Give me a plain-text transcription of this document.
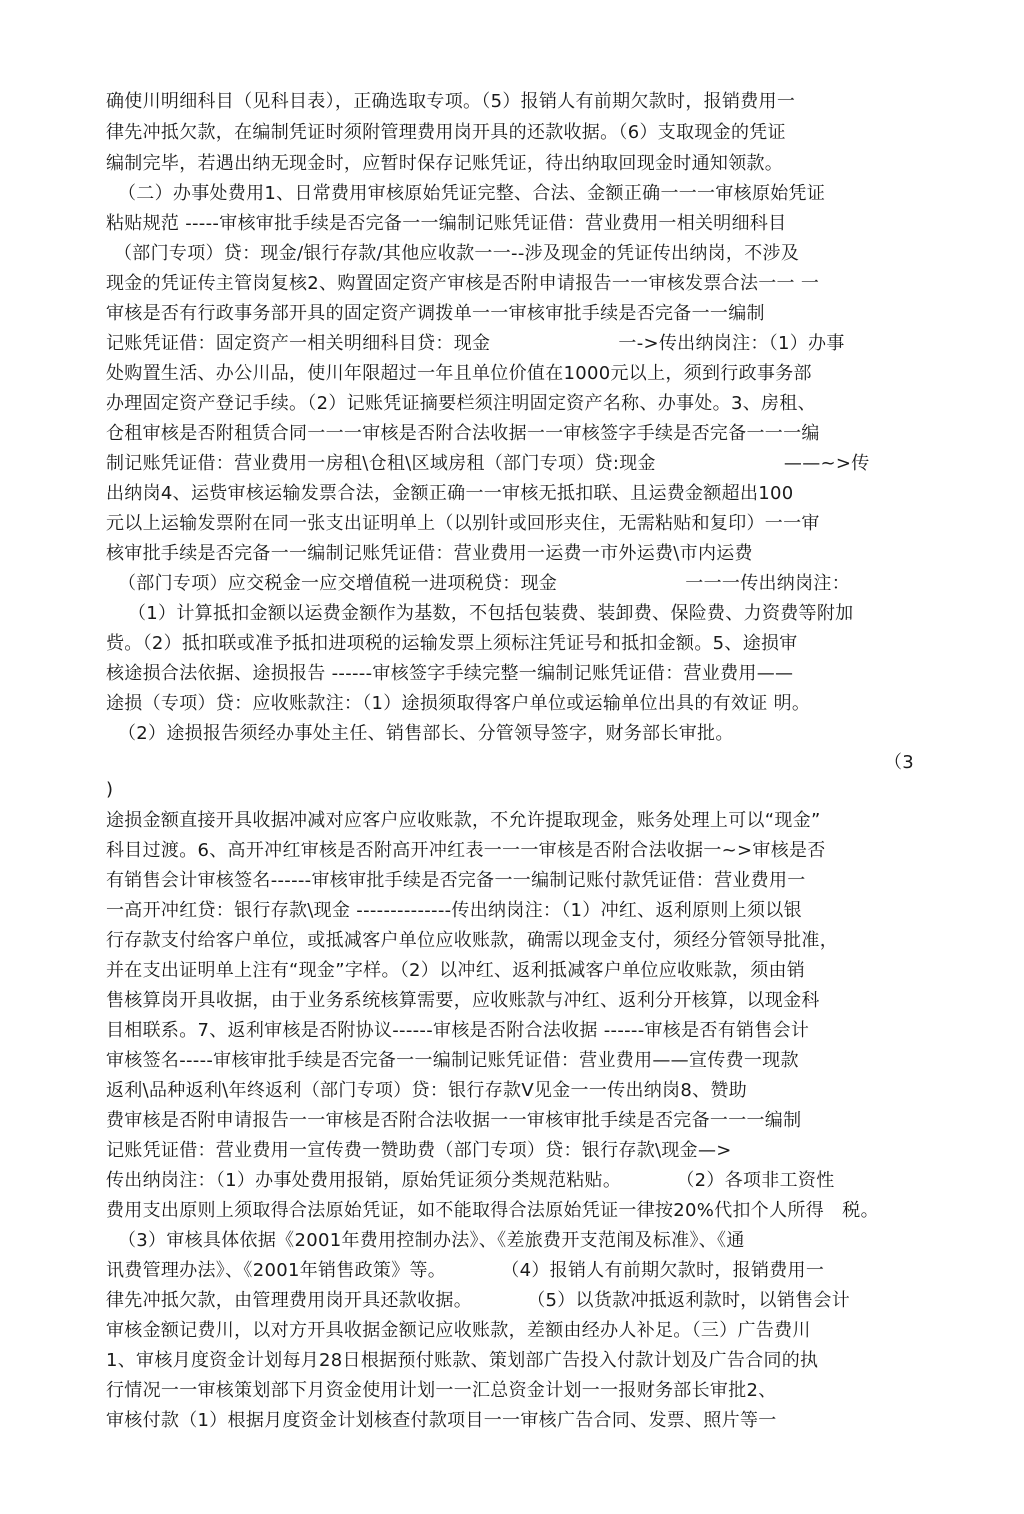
确使川明细科目（见科目表），正确选取专项。（5）报销人有前期欠款时，报销费用一
律先冲抵欠款，在编制凭证时须附管理费用岗开具的还款收据。（6）支取现金的凭证
编制完毕，若遇出纳无现金时，应暂时保存记账凭证，待出纳取回现金时通知领款。
（二）办事处费用1、日常费用审核原始凭证完整、合法、金额正确一一一审核原始凭证
粘贴规范 -----审核审批手续是否完备一一编制记账凭证借：营业费用一相关明细科目
（部门专项）贷：现金/银行存款/其他应收款一一--涉及现金的凭证传出纳岗，不涉及
现金的凭证传主管岗复核2、购置固定资产审核是否附申请报告一一审核发票合法一一 一
审核是否有行政事务部开具的固定资产调拨单一一审核审批手续是否完备一一编制
记账凭证借：固定资产一相关明细科目贷：现金　　　　　　　一->传出纳岗注：（1）办事
处购置生活、办公川品，使川年限超过一年且单位价值在1000元以上，须到行政事务部
办理固定资产登记手续。（2）记账凭证摘要栏须注明固定资产名称、办事处。3、房租、
仓租审核是否附租赁合同一一一审核是否附合法收据一一审核签字手续是否完备一一一编
制记账凭证借：营业费用一房租\仓租\区域房租（部门专项）贷:现金　　　　　　　——~>传
出纳岗4、运赀审核运输发票合法，金额正确一一审核无抵扣联、且运费金额超出100
元以上运输发票附在同一张支出证明单上（以别针或回形夹住，无需粘贴和复印）一一审
核审批手续是否完备一一编制记账凭证借：营业费用一运费一市外运费\市内运费
（部门专项）应交税金一应交增值税一进项税贷：现金　　　　　　　一一一传出纳岗注：
（1）计算抵扣金额以运费金额作为基数，不包括包装费、装卸费、保险费、力资费等附加
赀。（2）抵扣联或准予抵扣进项税的运输发票上须标注凭证号和抵扣金额。5、途损审
核途损合法依据、途损报告 ------审核签字手续完整一编制记账凭证借：营业费用——
途损（专项）贷：应收账款注：（1）途损须取得客户单位或运输单位出具的有效证 明。
（2）途损报告须经办事处主任、销售部长、分管领导签字，财务部长审批。
（3
)
途损金额直接开具收据冲减对应客户应收账款，不允许提取现金，账务处理上可以“现金”
科目过渡。6、高开冲红审核是否附高开冲红表一一一审核是否附合法收据一~>审核是否
有销售会计审核签名------审核审批手续是否完备一一编制记账付款凭证借：营业费用一
一高开冲红贷：银行存款\现金 --------------传出纳岗注：（1）冲红、返利原则上须以银
行存款支付给客户单位，或抵减客户单位应收账款，确需以现金支付，须经分管领导批准，
并在支出证明单上注有“现金”字样。（2）以冲红、返利抵减客户单位应收账款，须由销
售核算岗开具收据，由于业务系统核算需要，应收账款与冲红、返利分开核算，以现金科
目相联系。7、返利审核是否附协议------审核是否附合法收据 ------审核是否有销售会计
审核签名-----审核审批手续是否完备一一编制记账凭证借：营业费用——宣传费一现款
返利\品种返利\年终返利（部门专项）贷：银行存款V见金一一传出纳岗8、赞助
费审核是否附申请报告一一审核是否附合法收据一一审核审批手续是否完备一一一编制
记账凭证借：营业费用一宣传费一赞助费（部门专项）贷：银行存款\现金—>
传出纳岗注：（1）办事处费用报销，原始凭证须分类规范粘贴。　　　　（2）各项非工资性
费用支出原则上须取得合法原始凭证，如不能取得合法原始凭证一律按20%代扣个人所得　税。
（3）审核具体依据《2001年费用控制办法》、《差旅费开支范闱及标准》、《通
讯费管理办法》、《2001年销售政策》等。　　　　（4）报销人有前期欠款时，报销费用一
律先冲抵欠款，由管理费用岗开具还款收据。　　　　（5）以货款冲抵返利款时，以销售会计
审核金额记费川，以对方开具收据金额记应收账款，差额由经办人补足。（三）广告费川
1、审核月度资金计划每月28日根据预付账款、策划部广告投入付款计划及广告合同的执
行情况一一审核策划部下月资金使用计划一一汇总资金计划一一报财务部长审批2、
审核付款（1）根据月度资金计划核查付款项目一一审核广告合同、发票、照片等一
